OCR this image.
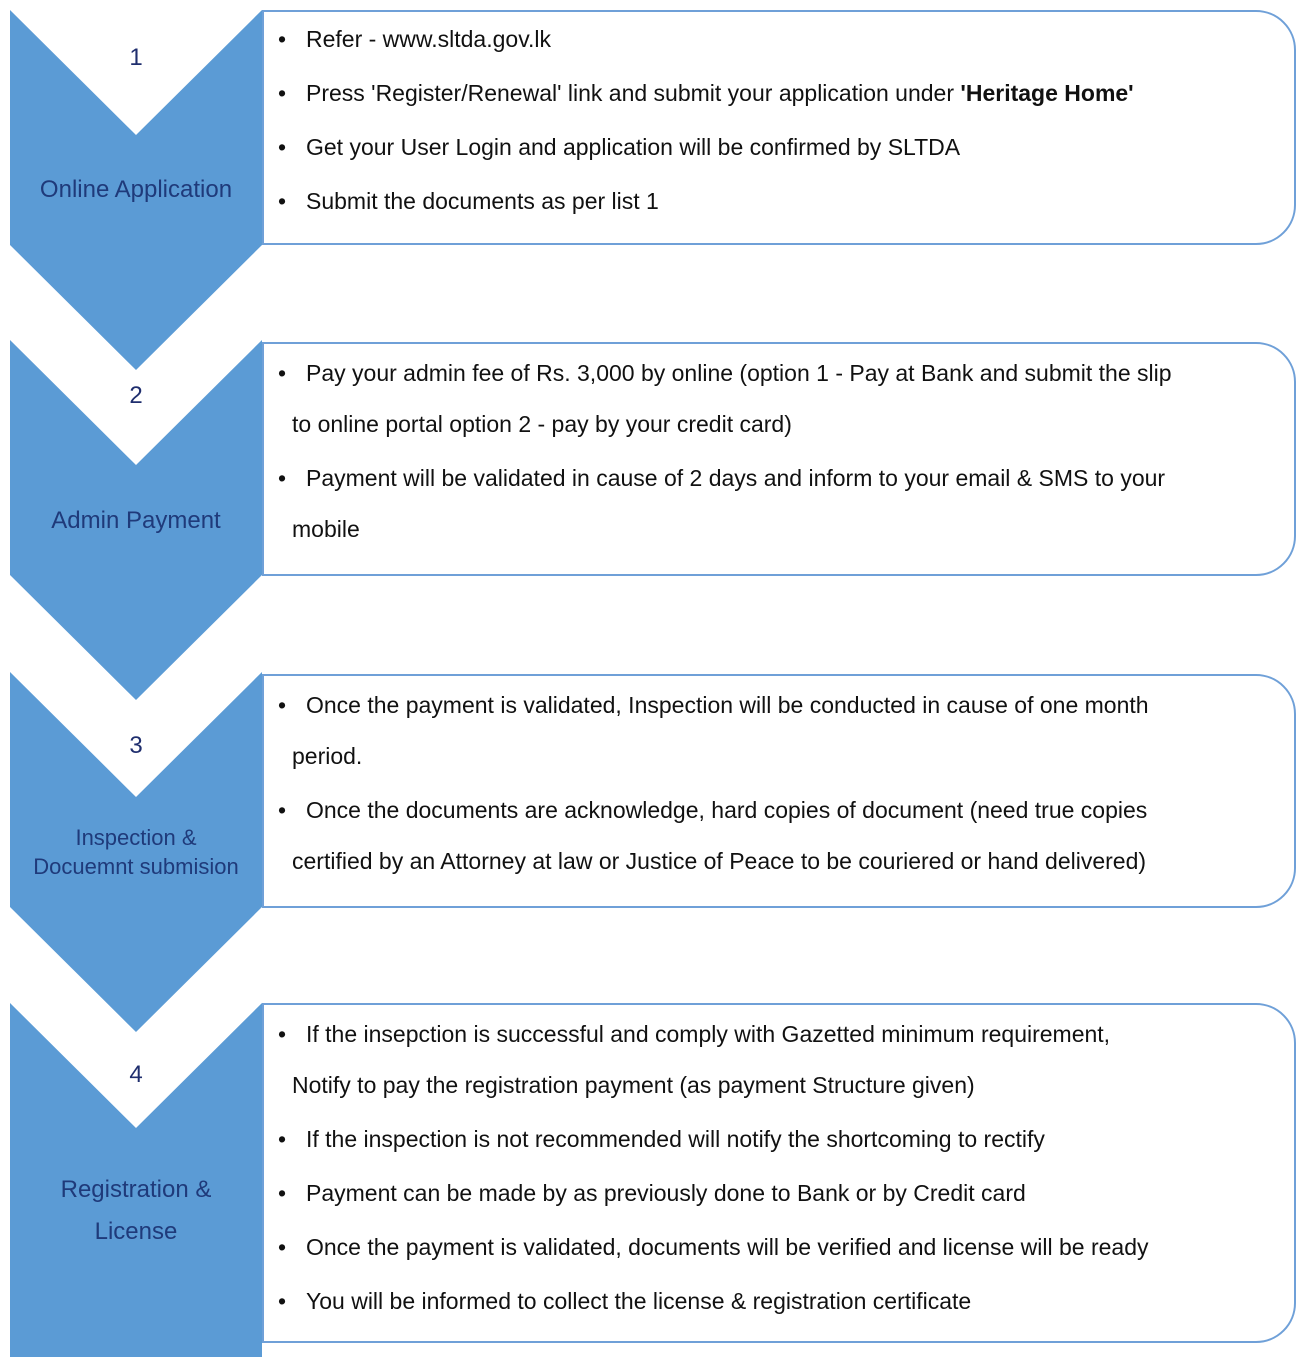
1
Online Application
• Refer - www.sltda.gov.lk
• Press 'Register/Renewal' link and submit your application under 'Heritage Home'
• Get your User Login and application will be confirmed by SLTDA
• Submit the documents as per list 1
2
Admin Payment
• Pay your admin fee of Rs. 3,000 by online (option 1 - Pay at Bank and submit the slip
to online portal option 2 - pay by your credit card)
• Payment will be validated in cause of 2 days and inform to your email & SMS to your
mobile
3
Inspection &
Docuemnt submision
• Once the payment is validated, Inspection will be conducted in cause of one month
period.
• Once the documents are acknowledge, hard copies of document (need true copies
certified by an Attorney at law or Justice of Peace to be couriered or hand delivered)
4
Registration &
License
• If the insepction is successful and comply with Gazetted minimum requirement,
Notify to pay the registration payment (as payment Structure given)
• If the inspection is not recommended will notify the shortcoming to rectify
• Payment can be made by as previously done to Bank or by Credit card
• Once the payment is validated, documents will be verified and license will be ready
• You will be informed to collect the license & registration certificate
